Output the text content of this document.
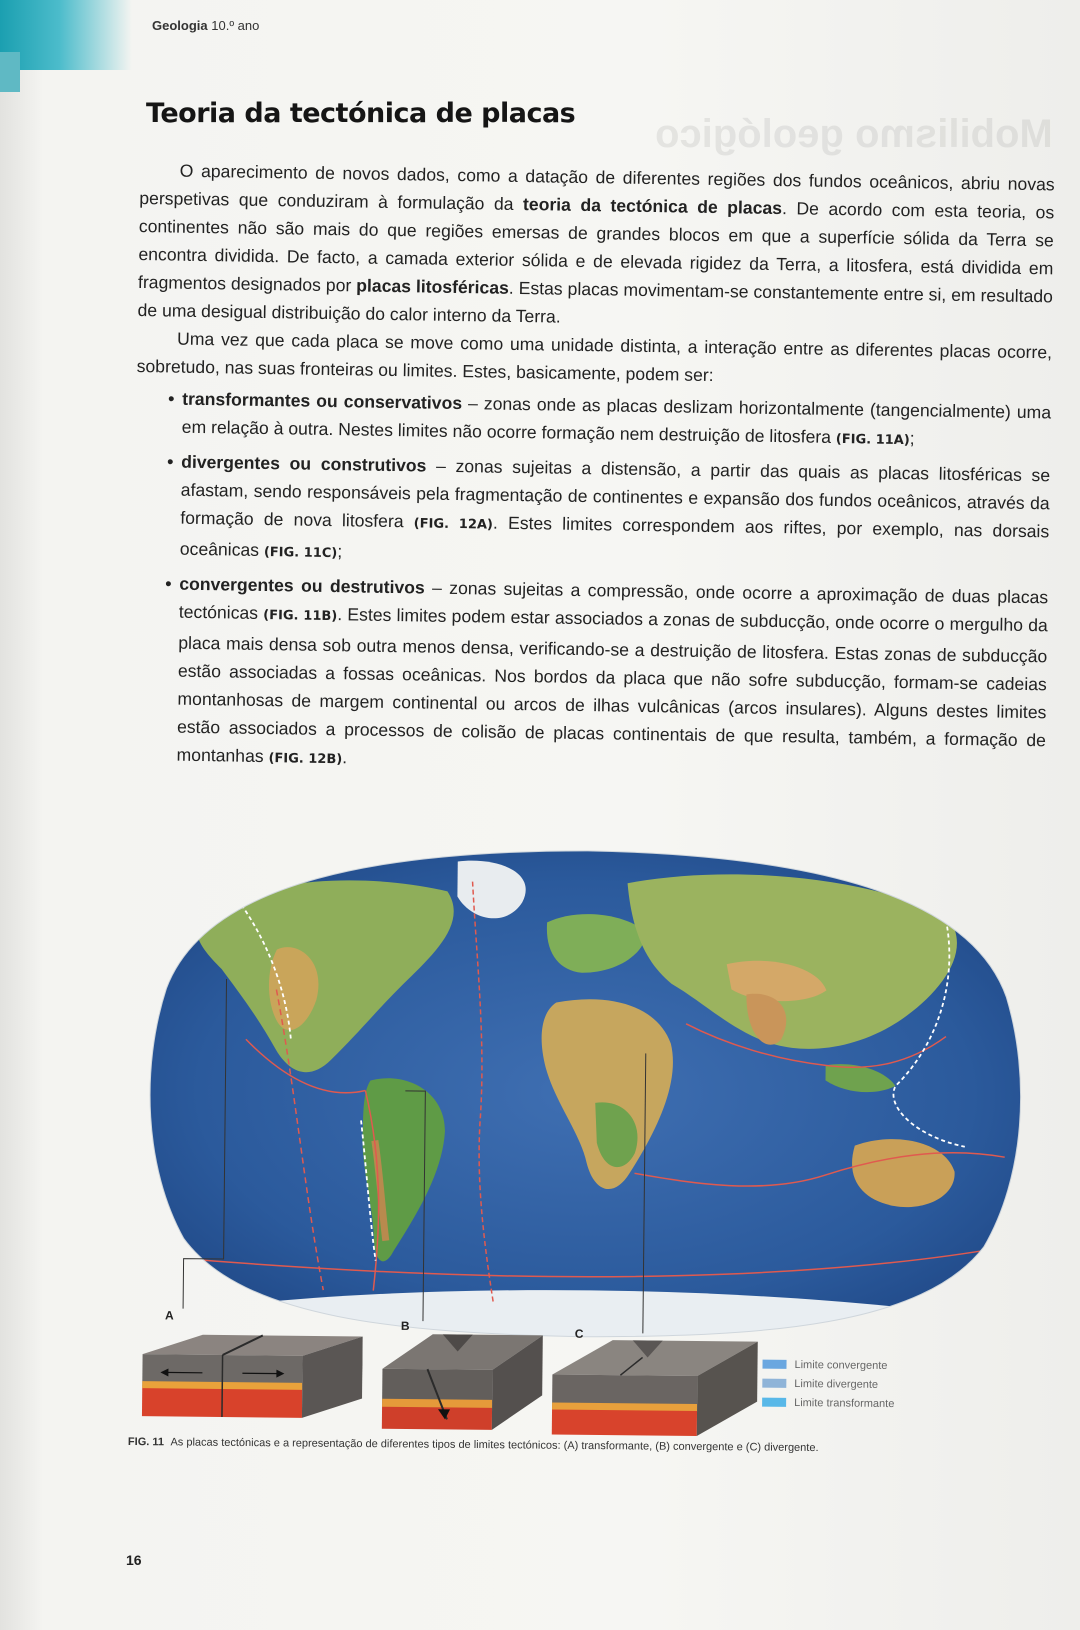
Geologia 10.º ano
Mobilismo geológico
Teoria da tectónica de placas

O aparecimento de novos dados, como a datação de diferentes regiões dos fundos oceânicos, abriu novas perspetivas que conduziram à formulação da teoria da tectónica de placas. De acordo com esta teoria, os continentes não são mais do que regiões emersas de grandes blocos em que a superfície sólida da Terra se encontra dividida. De facto, a camada exterior sólida e de elevada rigidez da Terra, a litosfera, está dividida em fragmentos designados por placas litosféricas. Estas placas movimentam-se constantemente entre si, em resultado de uma desigual distribuição do calor interno da Terra.

Uma vez que cada placa se move como uma unidade distinta, a interação entre as diferentes placas ocorre, sobretudo, nas suas fronteiras ou limites. Estes, basicamente, podem ser:

• transformantes ou conservativos – zonas onde as placas deslizam horizontalmente (tangencialmente) uma em relação à outra. Nestes limites não ocorre formação nem destruição de litosfera (FIG. 11A);
• divergentes ou construtivos – zonas sujeitas a distensão, a partir das quais as placas litosféricas se afastam, sendo responsáveis pela fragmentação de continentes e expansão dos fundos oceânicos, através da formação de nova litosfera (FIG. 12A). Estes limites correspondem aos riftes, por exemplo, nas dorsais oceânicas (FIG. 11C);
• convergentes ou destrutivos – zonas sujeitas a compressão, onde ocorre a aproximação de duas placas tectónicas (FIG. 11B). Estes limites podem estar associados a zonas de subducção, onde ocorre o mergulho da placa mais densa sob outra menos densa, verificando-se a destruição de litosfera. Estas zonas de subducção estão associadas a fossas oceânicas. Nos bordos da placa que não sofre subducção, formam-se cadeias montanhosas de margem continental ou arcos de ilhas vulcânicas (arcos insulares). Alguns destes limites estão associados a processos de colisão de placas continentais de que resulta, também, a formação de montanhas (FIG. 12B).
A
B
C
Limite convergente
Limite divergente
Limite transformante
FIG. 11 As placas tectónicas e a representação de diferentes tipos de limites tectónicos: (A) transformante, (B) convergente e (C) divergente.
16
